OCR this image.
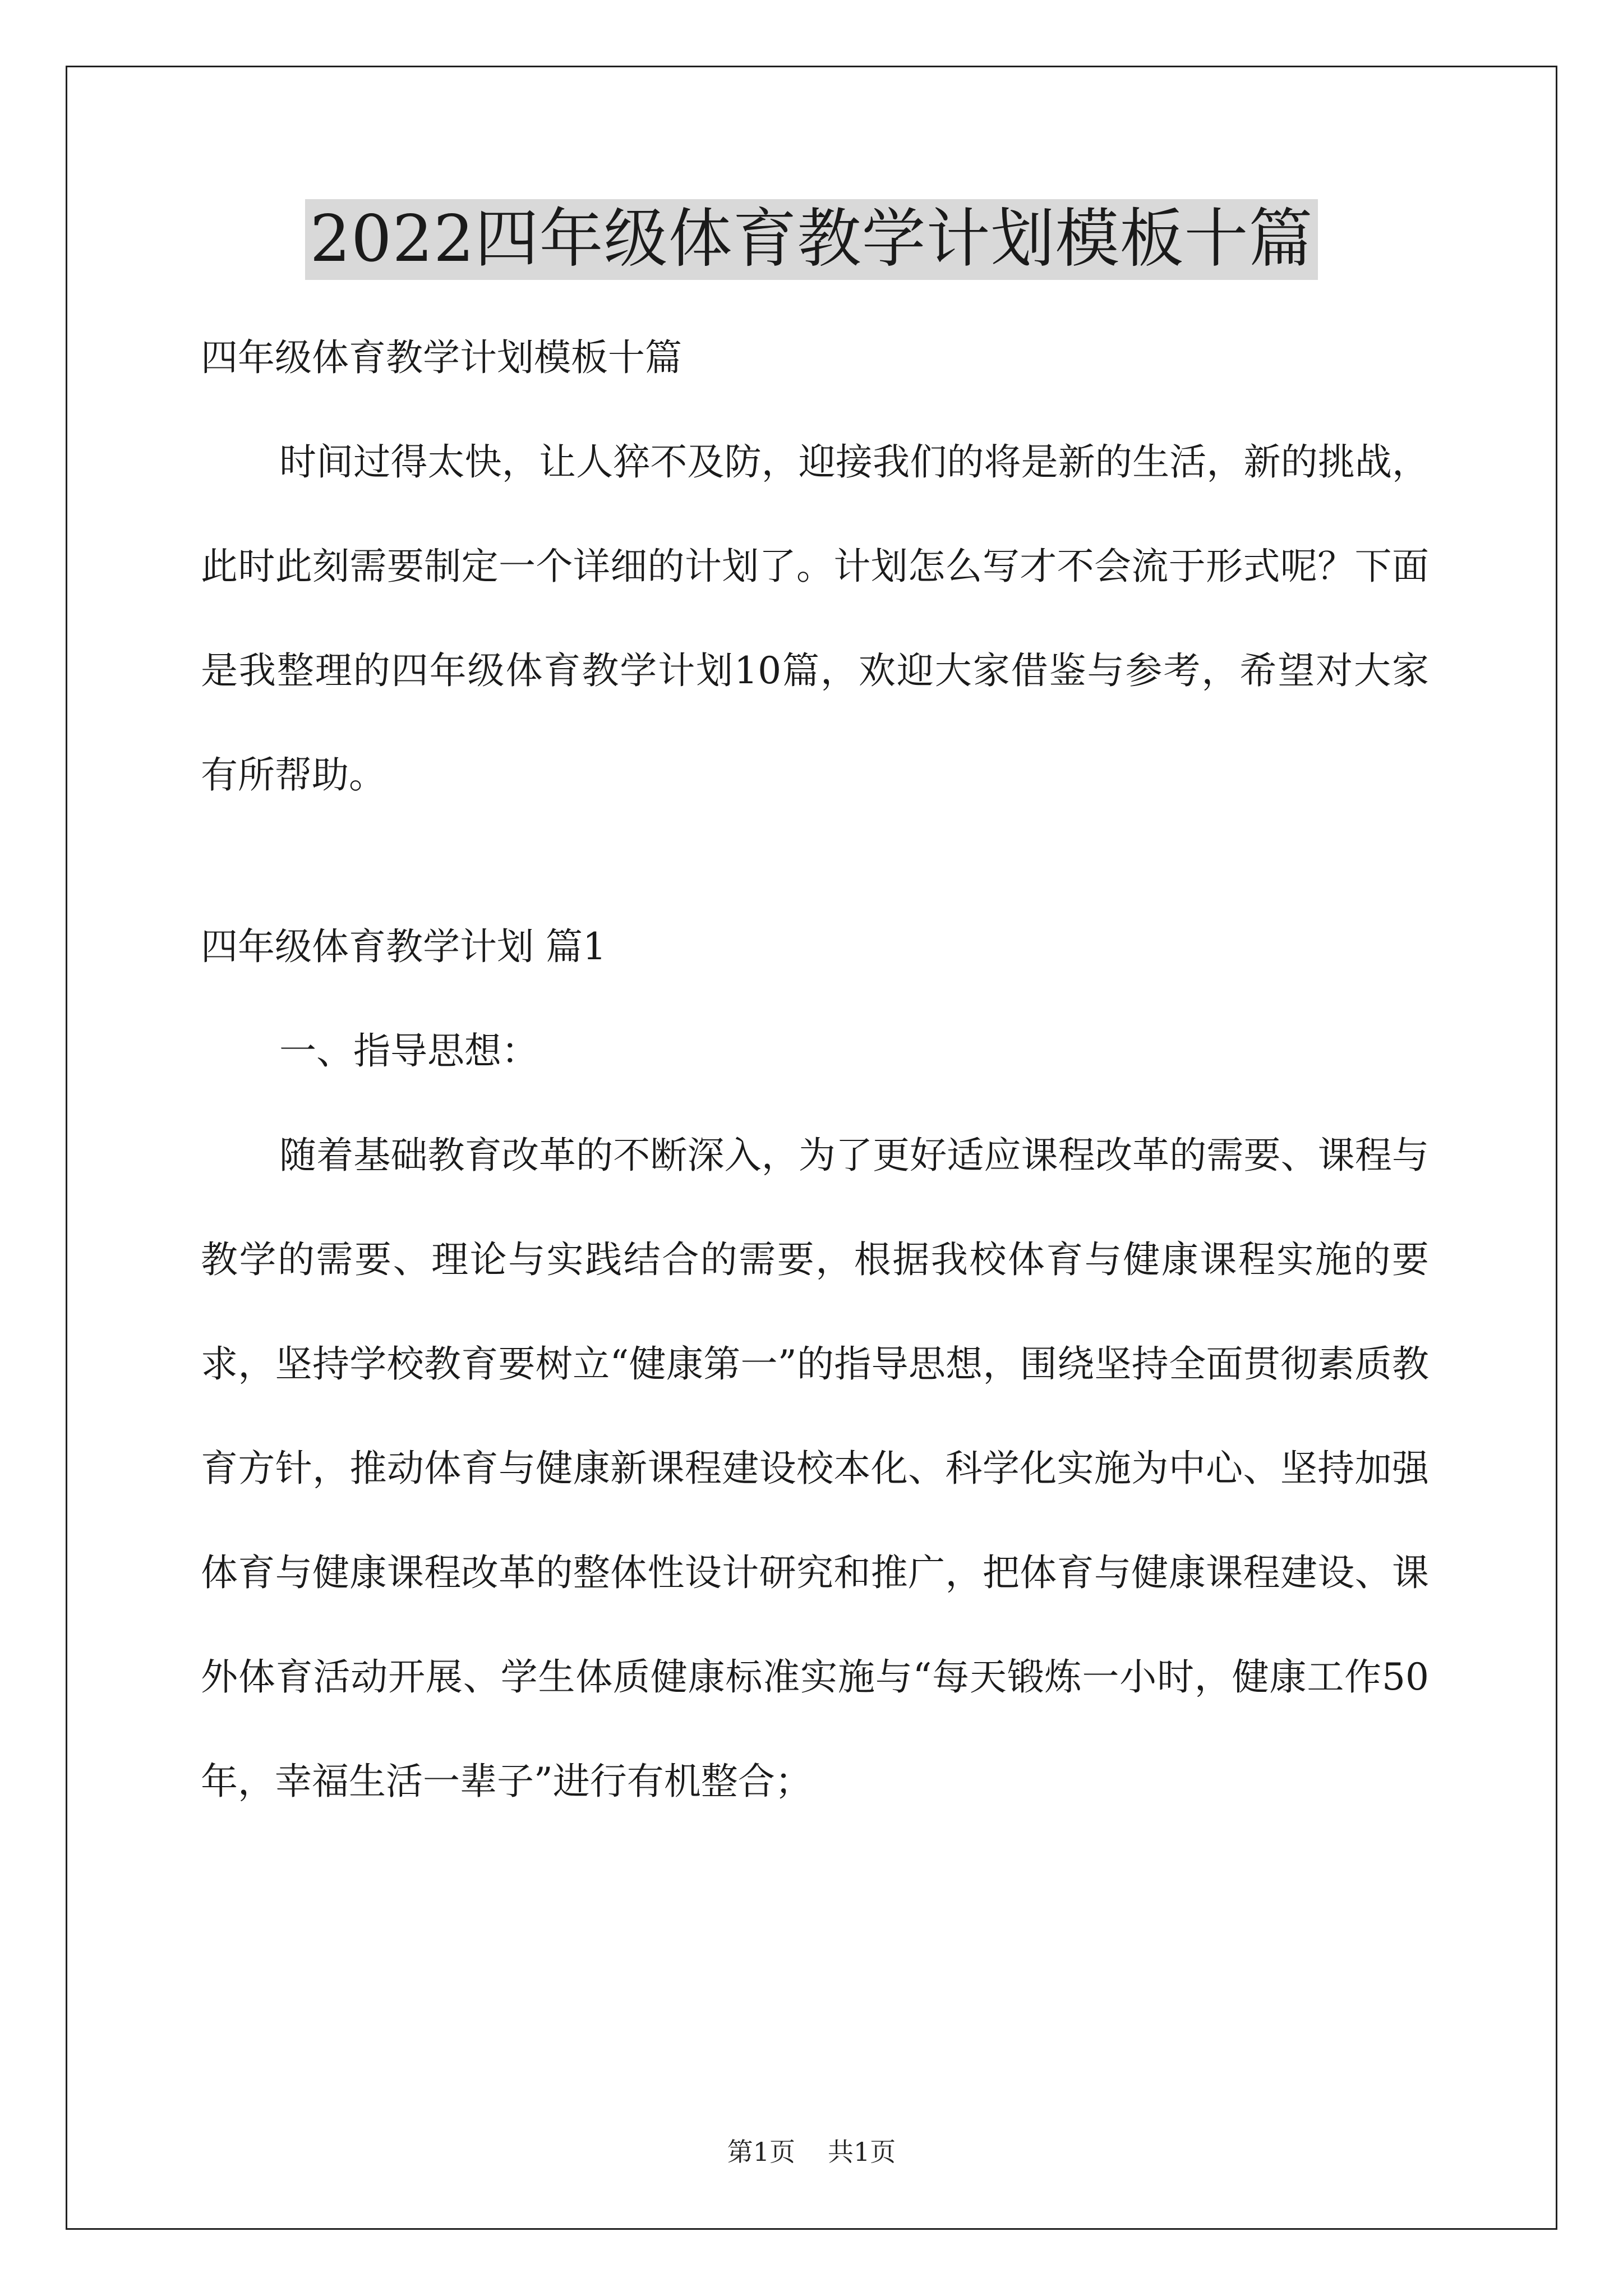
2022四年级体育教学计划模板十篇

四年级体育教学计划模板十篇

时间过得太快，让人猝不及防，迎接我们的将是新的生活，新的挑战，此时此刻需要制定一个详细的计划了。计划怎么写才不会流于形式呢？下面是我整理的四年级体育教学计划10篇，欢迎大家借鉴与参考，希望对大家有所帮助。

四年级体育教学计划 篇1

一、指导思想：

随着基础教育改革的不断深入，为了更好适应课程改革的需要、课程与教学的需要、理论与实践结合的需要，根据我校体育与健康课程实施的要求，坚持学校教育要树立“健康第一”的指导思想，围绕坚持全面贯彻素质教育方针，推动体育与健康新课程建设校本化、科学化实施为中心、坚持加强体育与健康课程改革的整体性设计研究和推广，把体育与健康课程建设、课外体育活动开展、学生体质健康标准实施与“每天锻炼一小时，健康工作50年，幸福生活一辈子”进行有机整合；

第1页 共1页
